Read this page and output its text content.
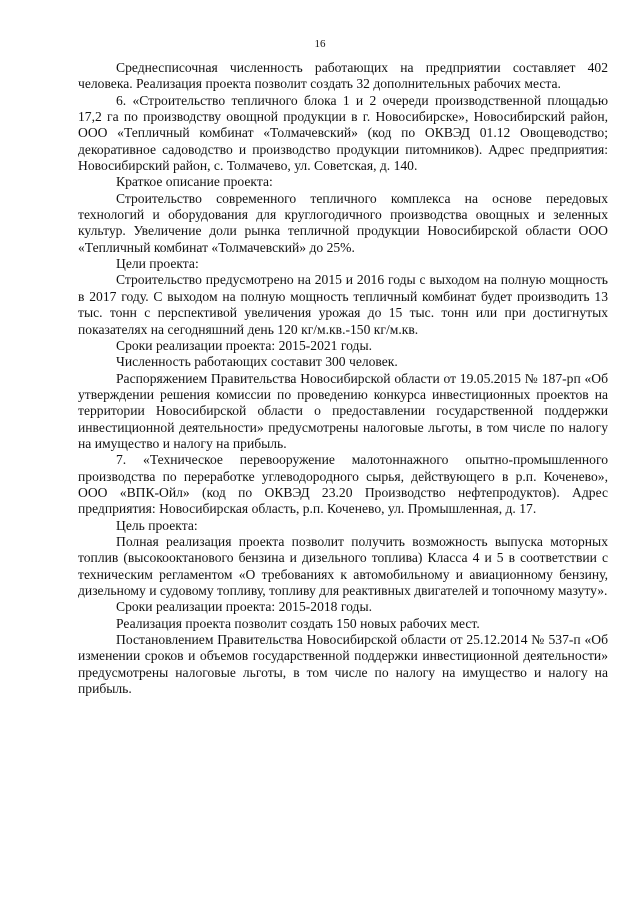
16

Среднесписочная численность работающих на предприятии составляет 402 человека. Реализация проекта позволит создать 32 дополнительных рабочих места.

6. «Строительство тепличного блока 1 и 2 очереди производственной площадью 17,2 га по производству овощной продукции в г. Новосибирске», Новосибирский район, ООО «Тепличный комбинат «Толмачевский» (код по ОКВЭД 01.12 Овощеводство; декоративное садоводство и производство продукции питомников). Адрес предприятия: Новосибирский район, с. Толмачево, ул. Советская, д. 140.

Краткое описание проекта:

Строительство современного тепличного комплекса на основе передовых технологий и оборудования для круглогодичного производства овощных и зеленных культур. Увеличение доли рынка тепличной продукции Новосибирской области ООО «Тепличный комбинат «Толмачевский» до 25%.

Цели проекта:

Строительство предусмотрено на 2015 и 2016 годы с выходом на полную мощность в 2017 году. С выходом на полную мощность тепличный комбинат будет производить 13 тыс. тонн с перспективой увеличения урожая до 15 тыс. тонн или при достигнутых показателях на сегодняшний день 120 кг/м.кв.-150 кг/м.кв.

Сроки реализации проекта: 2015-2021 годы.

Численность работающих составит 300 человек.

Распоряжением Правительства Новосибирской области от 19.05.2015 № 187-рп «Об утверждении решения комиссии по проведению конкурса инвестиционных проектов на территории Новосибирской области о предоставлении государственной поддержки инвестиционной деятельности» предусмотрены налоговые льготы, в том числе по налогу на имущество и налогу на прибыль.

7. «Техническое перевооружение малотоннажного опытно-промышленного производства по переработке углеводородного сырья, действующего в р.п. Коченево», ООО «ВПК-Ойл» (код по ОКВЭД 23.20 Производство нефтепродуктов). Адрес предприятия: Новосибирская область, р.п. Коченево, ул. Промышленная, д. 17.

Цель проекта:

Полная реализация проекта позволит получить возможность выпуска моторных топлив (высокооктанового бензина и дизельного топлива) Класса 4 и 5 в соответствии с техническим регламентом «О требованиях к автомобильному и авиационному бензину, дизельному и судовому топливу, топливу для реактивных двигателей и топочному мазуту».

Сроки реализации проекта: 2015-2018 годы.

Реализация проекта позволит создать 150 новых рабочих мест.

Постановлением Правительства Новосибирской области от 25.12.2014 № 537-п «Об изменении сроков и объемов государственной поддержки инвестиционной деятельности» предусмотрены налоговые льготы, в том числе по налогу на имущество и налогу на прибыль.
